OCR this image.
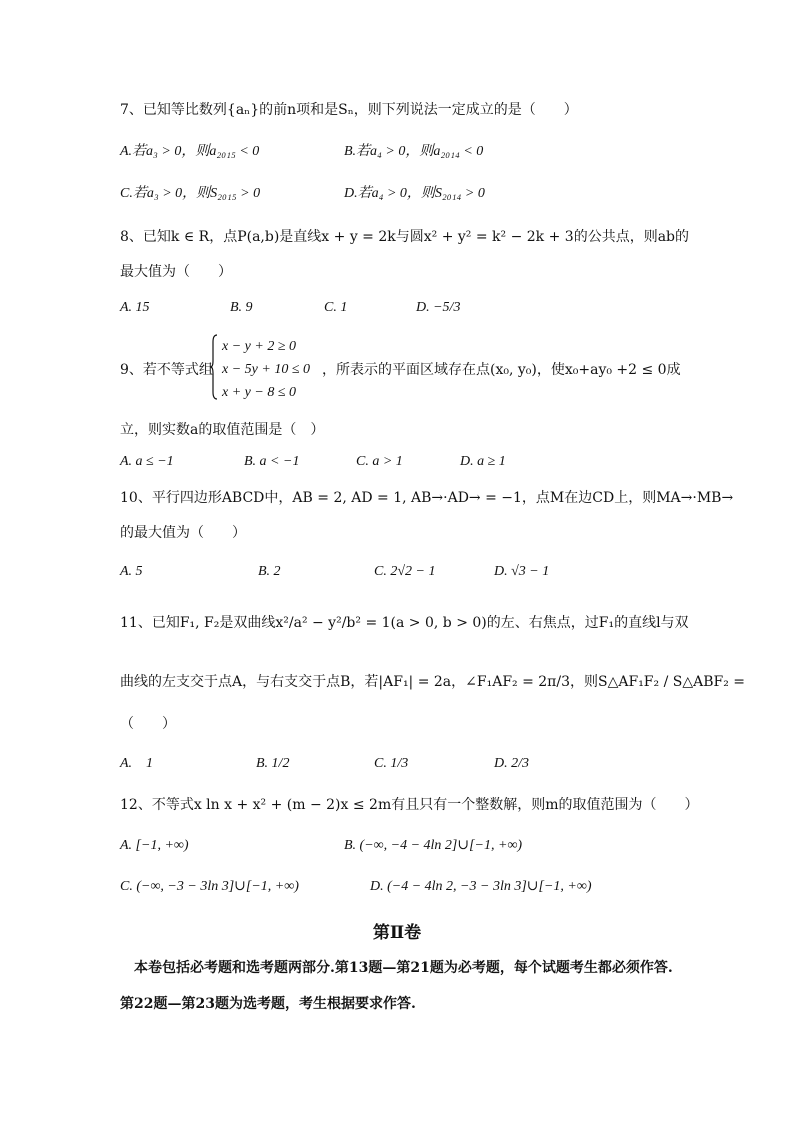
7、已知等比数列{aₙ}的前n项和是Sₙ，则下列说法一定成立的是（　　）
A.若a₃ > 0，则a₂₀₁₅ < 0	B.若a₄ > 0，则a₂₀₁₄ < 0
C.若a₃ > 0，则S₂₀₁₅ > 0	D.若a₄ > 0，则S₂₀₁₄ > 0
8、已知k ∈ R，点P(a,b)是直线x + y = 2k与圆x² + y² = k² − 2k + 3的公共点，则ab的
最大值为（　　）
A. 15	B. 9	C. 1	D. −5/3
x − y + 2 ≥ 0
x − 5y + 10 ≤ 0
x + y − 8 ≤ 0
9、若不等式组	，所表示的平面区域存在点(x₀, y₀)，使x₀+ay₀ +2 ≤ 0成
立，则实数a的取值范围是（　）
A. a ≤ −1	B. a < −1	C. a > 1	D. a ≥ 1
10、平行四边形ABCD中，AB = 2, AD = 1, AB→·AD→ = −1，点M在边CD上，则MA→·MB→
的最大值为（　　）
A. 5	B. 2	C. 2√2 − 1	D. √3 − 1
11、已知F₁, F₂是双曲线x²/a² − y²/b² = 1(a > 0, b > 0)的左、右焦点，过F₁的直线l与双
曲线的左支交于点A，与右支交于点B，若|AF₁| = 2a，∠F₁AF₂ = 2π/3，则S△AF₁F₂ / S△ABF₂ =
（　　）
A.　1	B. 1/2	C. 1/3	D. 2/3
12、不等式x ln x + x² + (m − 2)x ≤ 2m有且只有一个整数解，则m的取值范围为（　　）
A. [−1, +∞)	B. (−∞, −4 − 4ln 2]∪[−1, +∞)
C. (−∞, −3 − 3ln 3]∪[−1, +∞)	D. (−4 − 4ln 2, −3 − 3ln 3]∪[−1, +∞)
第Ⅱ卷
本卷包括必考题和选考题两部分.第13题—第21题为必考题，每个试题考生都必须作答.
第22题—第23题为选考题，考生根据要求作答.
